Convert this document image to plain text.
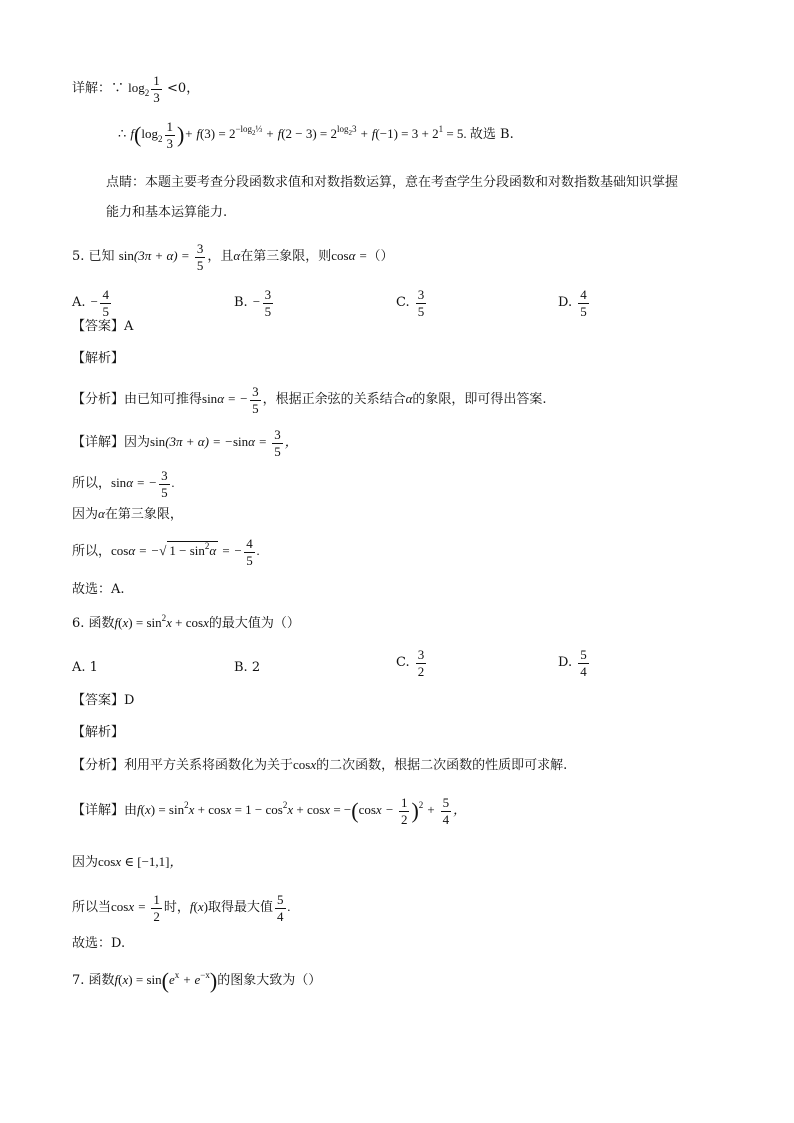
详解：∵ $\log_2 \frac{1}{3} <0$，
∴ $f(\log_2 \frac{1}{3}$ )+ $f(3) = 2^{-log_2\frac{1}{3}} + f(2 - 3) = 2^{log_23} + f(-1) = 3 + 2^1 = 5$. 故选 B.
点睛：本题主要考查分段函数求值和对数指数运算，意在考查学生分段函数和对数指数基础知识掌握
能力和基本运算能力.
5. 已知 $\sin(3\pi + \alpha) = \frac{3}{5}$ ，且α在第三象限，则cosα =（）
A. − $\frac{4}{5}$	B. − $\frac{3}{5}$	C. $\frac{3}{5}$	D. $\frac{4}{5}$
【答案】A
【解析】
【分析】由已知可推得sinα = − $\frac{3}{5}$ ，根据正余弦的关系结合α的象限，即可得出答案.
【详解】因为$\sin(3\pi + \alpha) = -\sin\alpha = \frac{3}{5}$ ，
所以，sinα = − $\frac{3}{5}$ .
因为α在第三象限，
所以，cosα = −√ $1 - \sin^2\alpha$ = − $\frac{4}{5}$ .
故选：A.
6. 函数$f(x) = \sin^2x + \cos x$的最大值为（）
A. 1	B. 2	C. $\frac{3}{2}$	D. $\frac{5}{4}$
【答案】D
【解析】
【分析】利用平方关系将函数化为关于cosx的二次函数，根据二次函数的性质即可求解.
【详解】由$f(x) = \sin^2x + \cos x = 1 - \cos^2x + \cos x = -(\cos x - \frac{1}{2} )^2 + \frac{5}{4}$ ，
因为cosx ∈ [−1,1]，
所以当$\cos x = \frac{1}{2}$ 时，f(x)取得最大值 $\frac{5}{4}$ .
故选：D.
7. 函数$f(x) = \sin(e^x + e^{-x})$的图象大致为（）
